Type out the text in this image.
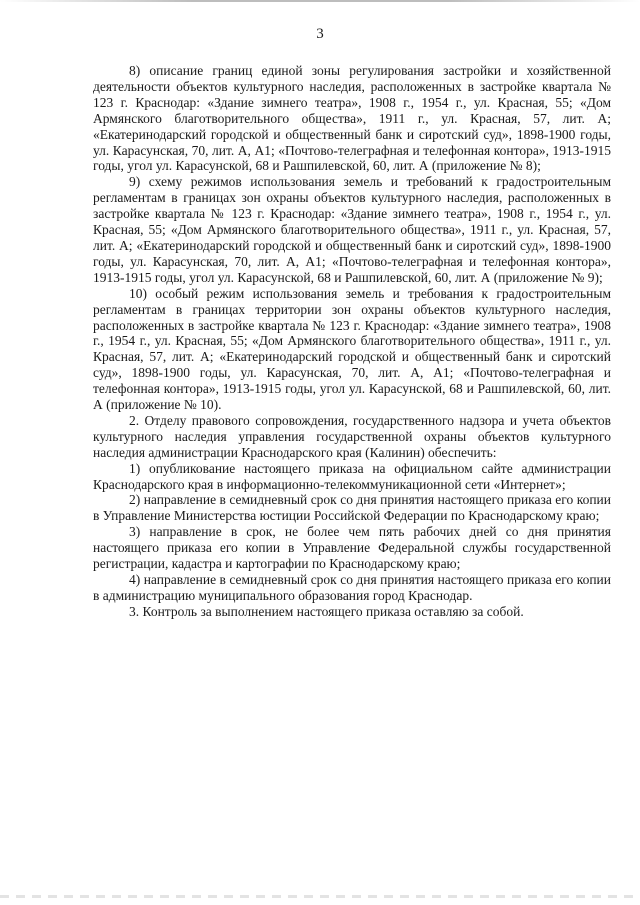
3

8) описание границ единой зоны регулирования застройки и хозяйственной деятельности объектов культурного наследия, расположенных в застройке квартала № 123 г. Краснодар: «Здание зимнего театра», 1908 г., 1954 г., ул. Красная, 55; «Дом Армянского благотворительного общества», 1911 г., ул. Красная, 57, лит. А; «Екатеринодарский городской и общественный банк и сиротский суд», 1898-1900 годы, ул. Карасунская, 70, лит. А, А1; «Почтово-телеграфная и телефонная контора», 1913-1915 годы, угол ул. Карасунской, 68 и Рашпилевской, 60, лит. А (приложение № 8);

9) схему режимов использования земель и требований к градостроительным регламентам в границах зон охраны объектов культурного наследия, расположенных в застройке квартала № 123 г. Краснодар: «Здание зимнего театра», 1908 г., 1954 г., ул. Красная, 55; «Дом Армянского благотворительного общества», 1911 г., ул. Красная, 57, лит. А; «Екатеринодарский городской и общественный банк и сиротский суд», 1898-1900 годы, ул. Карасунская, 70, лит. А, А1; «Почтово-телеграфная и телефонная контора», 1913-1915 годы, угол ул. Карасунской, 68 и Рашпилевской, 60, лит. А (приложение № 9);

10) особый режим использования земель и требования к градостроительным регламентам в границах территории зон охраны объектов культурного наследия, расположенных в застройке квартала № 123 г. Краснодар: «Здание зимнего театра», 1908 г., 1954 г., ул. Красная, 55; «Дом Армянского благотворительного общества», 1911 г., ул. Красная, 57, лит. А; «Екатеринодарский городской и общественный банк и сиротский суд», 1898-1900 годы, ул. Карасунская, 70, лит. А, А1; «Почтово-телеграфная и телефонная контора», 1913-1915 годы, угол ул. Карасунской, 68 и Рашпилевской, 60, лит. А (приложение № 10).

2. Отделу правового сопровождения, государственного надзора и учета объектов культурного наследия управления государственной охраны объектов культурного наследия администрации Краснодарского края (Калинин) обеспечить:

1) опубликование настоящего приказа на официальном сайте администрации Краснодарского края в информационно-телекоммуникационной сети «Интернет»;

2) направление в семидневный срок со дня принятия настоящего приказа его копии в Управление Министерства юстиции Российской Федерации по Краснодарскому краю;

3) направление в срок, не более чем пять рабочих дней со дня принятия настоящего приказа его копии в Управление Федеральной службы государственной регистрации, кадастра и картографии по Краснодарскому краю;

4) направление в семидневный срок со дня принятия настоящего приказа его копии в администрацию муниципального образования город Краснодар.

3. Контроль за выполнением настоящего приказа оставляю за собой.
